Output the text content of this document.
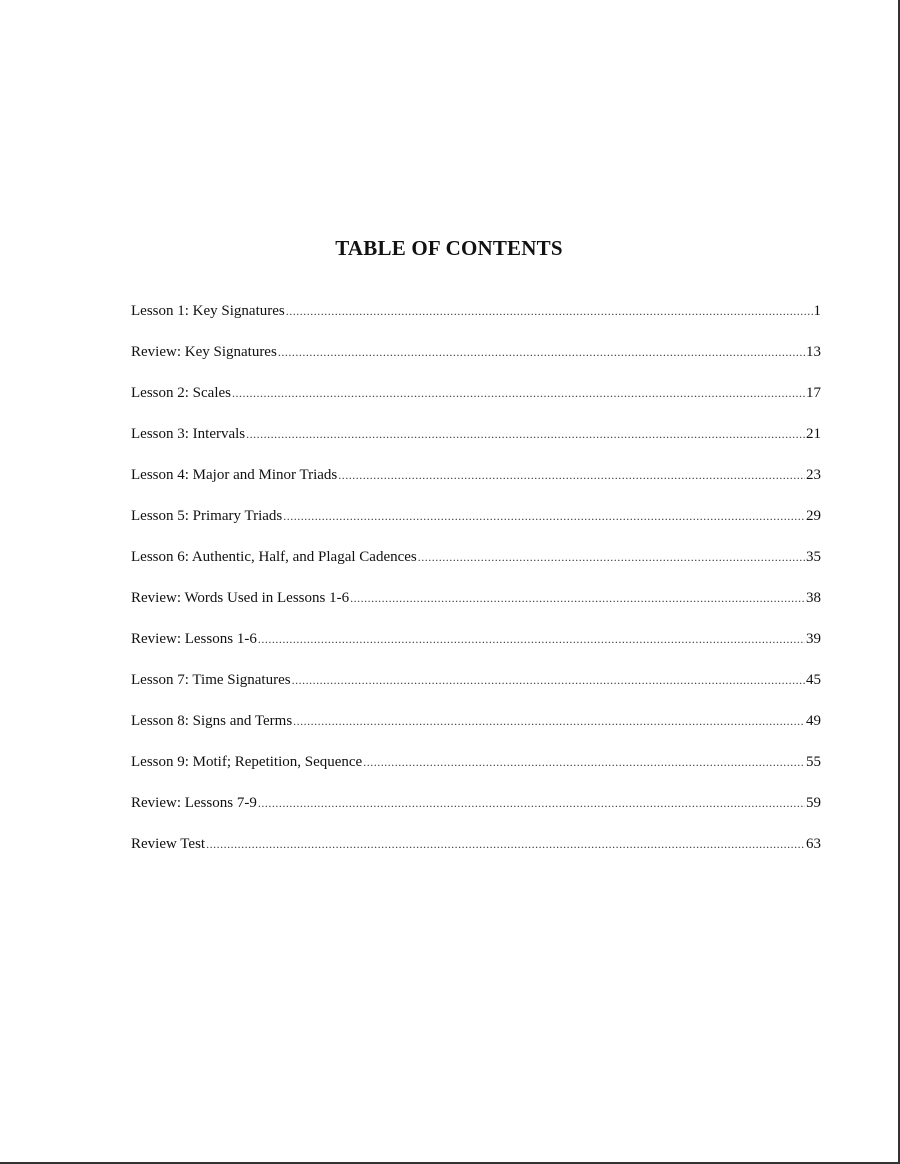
TABLE OF CONTENTS
Lesson 1: Key Signatures .....	1
Review: Key Signatures .....	13
Lesson 2: Scales .....	17
Lesson 3: Intervals .....	21
Lesson 4: Major and Minor Triads .....	23
Lesson 5: Primary Triads .....	29
Lesson 6: Authentic, Half, and Plagal Cadences .....	35
Review: Words Used in Lessons 1-6 .....	38
Review: Lessons 1-6 .....	39
Lesson 7: Time Signatures .....	45
Lesson 8: Signs and Terms .....	49
Lesson 9: Motif; Repetition, Sequence .....	55
Review: Lessons 7-9 .....	59
Review Test .....	63
